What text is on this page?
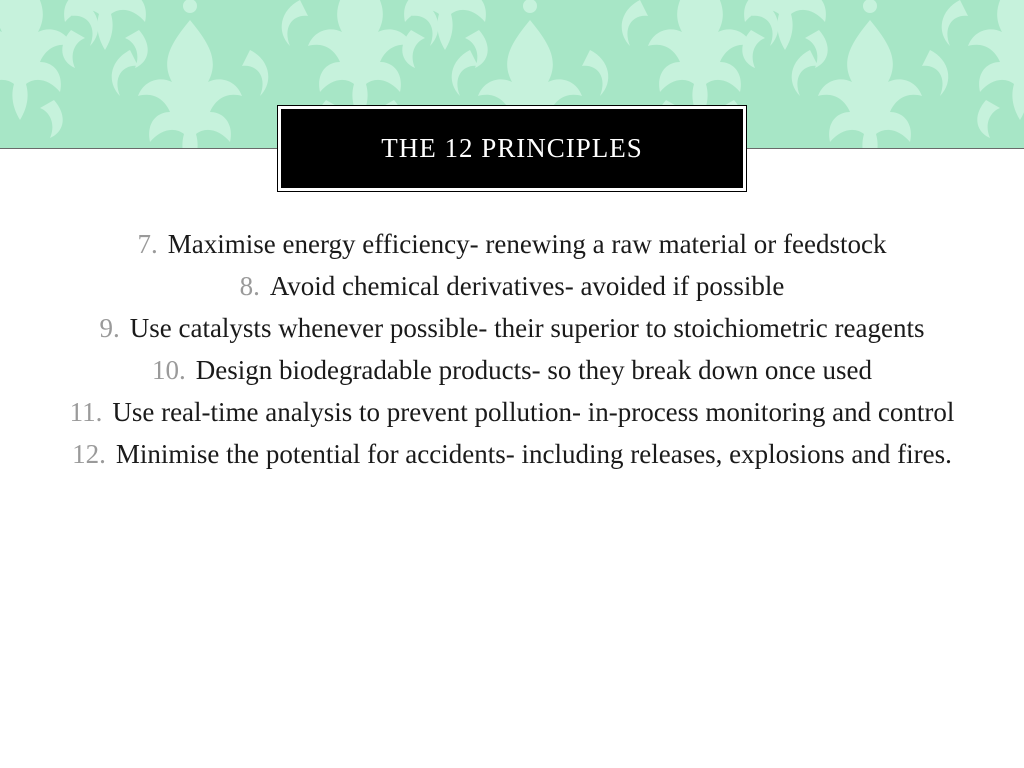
THE 12 PRINCIPLES
7. Maximise energy efficiency- renewing a raw material or feedstock
8. Avoid chemical derivatives- avoided if possible
9. Use catalysts whenever possible- their superior to stoichiometric reagents
10. Design biodegradable products- so they break down once used
11. Use real-time analysis to prevent pollution- in-process monitoring and control
12. Minimise the potential for accidents- including releases, explosions and fires.
